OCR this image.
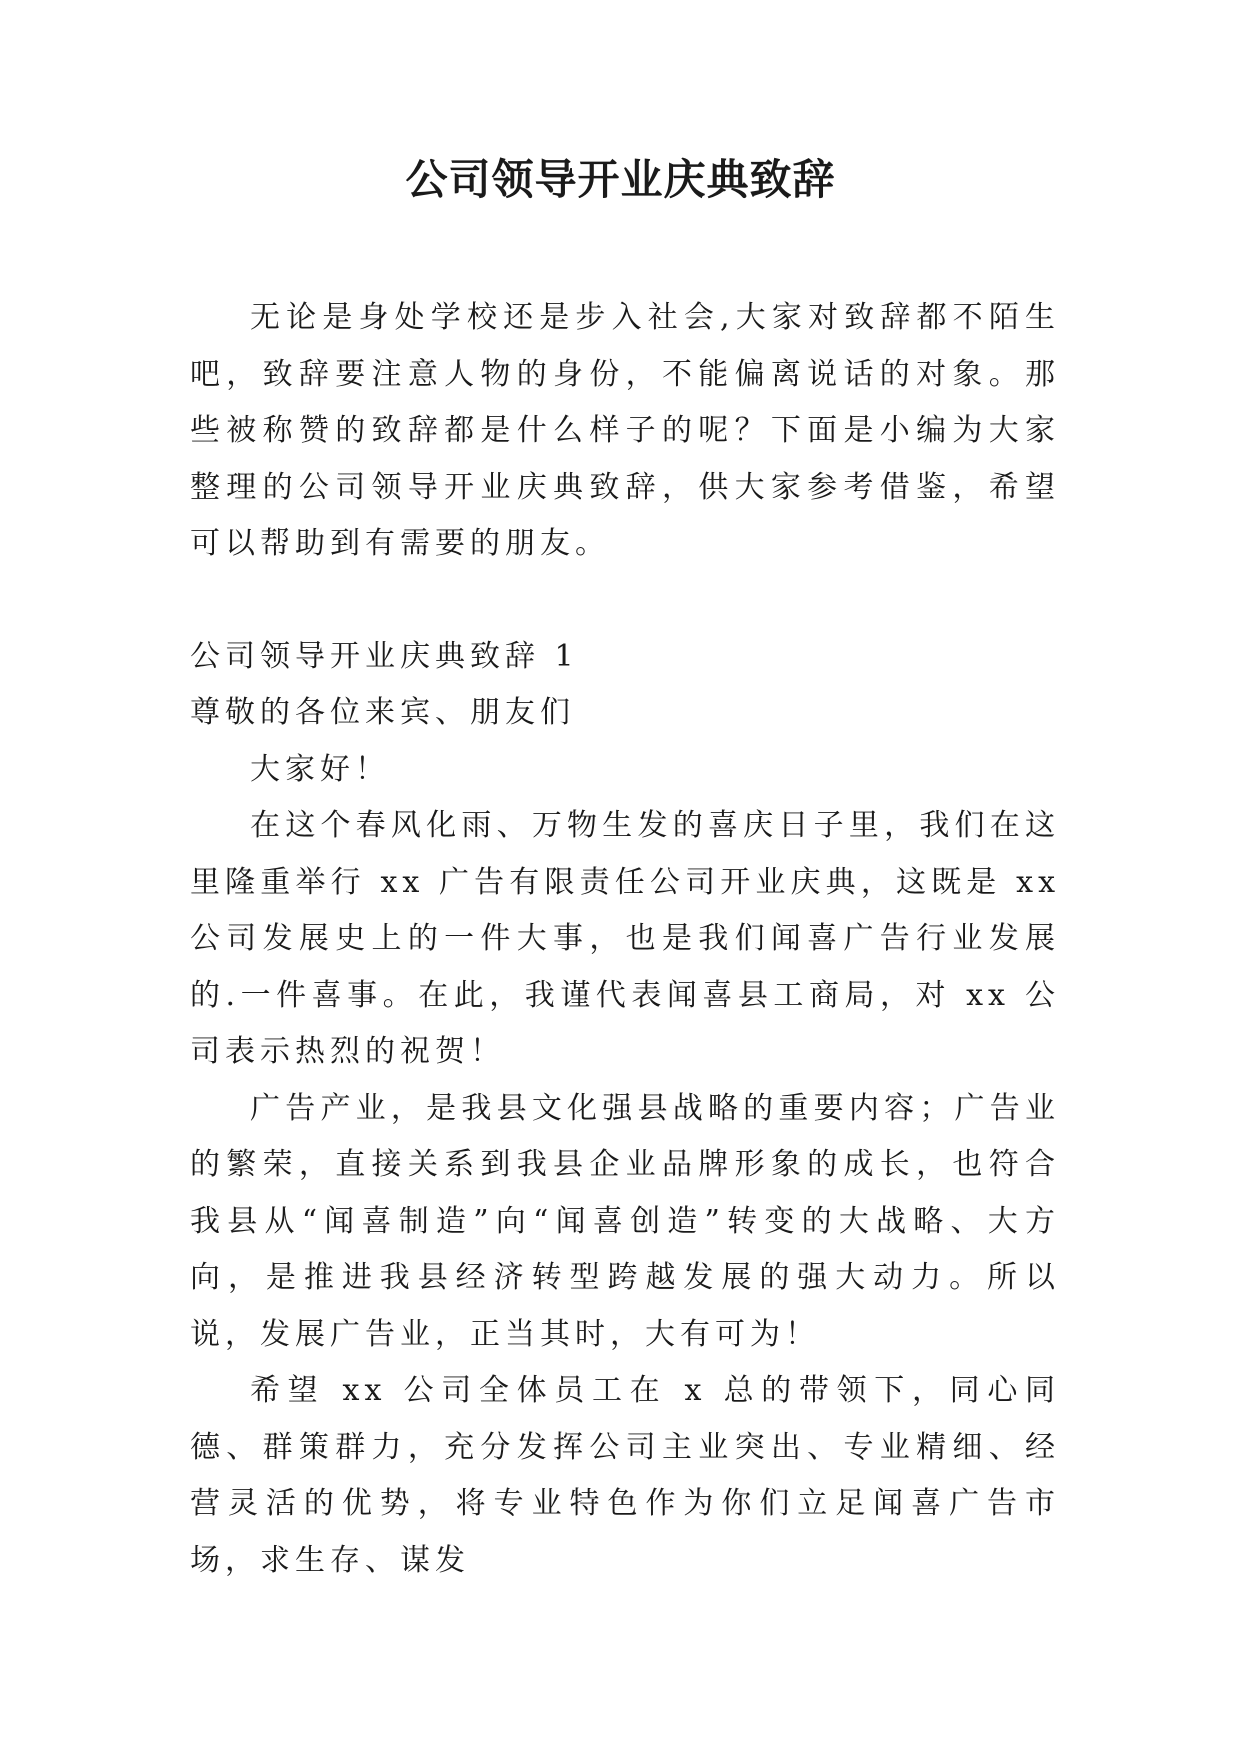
公司领导开业庆典致辞

无论是身处学校还是步入社会,大家对致辞都不陌生吧，致辞要注意人物的身份，不能偏离说话的对象。那些被称赞的致辞都是什么样子的呢？下面是小编为大家整理的公司领导开业庆典致辞，供大家参考借鉴，希望可以帮助到有需要的朋友。

公司领导开业庆典致辞 1

尊敬的各位来宾、朋友们

大家好！

在这个春风化雨、万物生发的喜庆日子里，我们在这里隆重举行 xx 广告有限责任公司开业庆典，这既是 xx 公司发展史上的一件大事，也是我们闻喜广告行业发展的.一件喜事。在此，我谨代表闻喜县工商局，对 xx 公司表示热烈的祝贺！

广告产业，是我县文化强县战略的重要内容；广告业的繁荣，直接关系到我县企业品牌形象的成长，也符合我县从“闻喜制造”向“闻喜创造”转变的大战略、大方向，是推进我县经济转型跨越发展的强大动力。所以说，发展广告业，正当其时，大有可为！

希望 xx 公司全体员工在 x 总的带领下，同心同德、群策群力，充分发挥公司主业突出、专业精细、经营灵活的优势，将专业特色作为你们立足闻喜广告市场，求生存、谋发
